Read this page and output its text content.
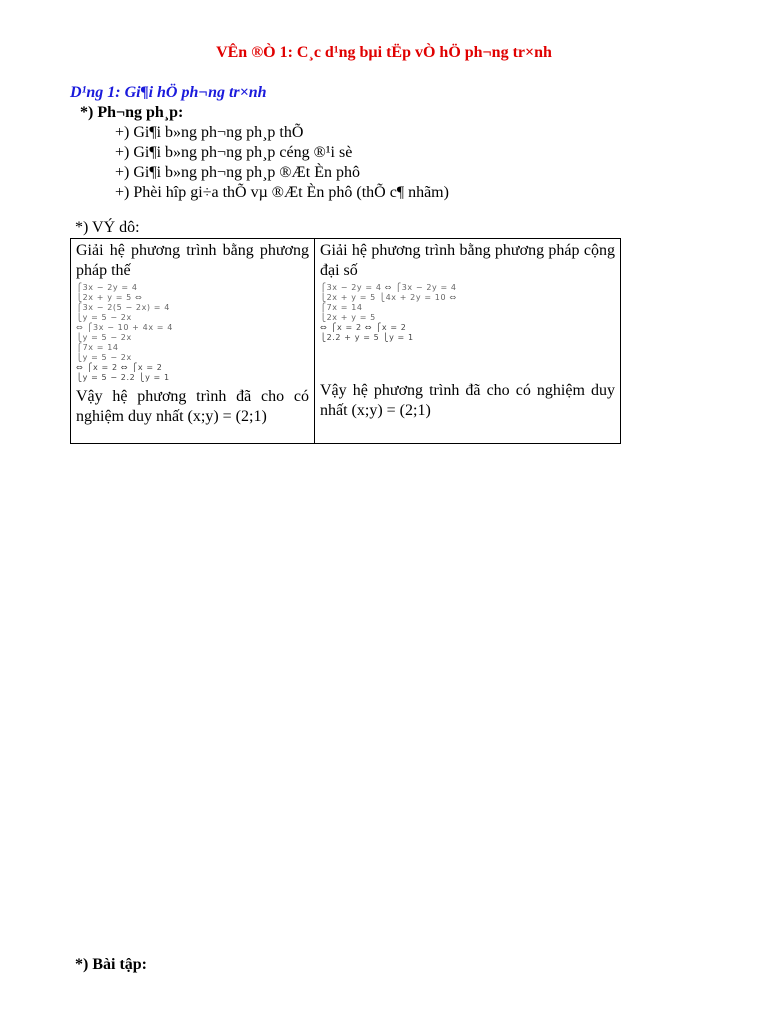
VÊn ®Ò 1: C¸c d¹ng bµi tËp vÒ hÖ ph¬ng tr×nh
D¹ng 1: Gi¶i hÖ ph¬ng tr×nh
*) Ph¬ng ph¸p:
+) Gi¶i b»ng ph¬ng ph¸p thÕ
+) Gi¶i b»ng ph¬ng ph¸p céng ®¹i sè
+) Gi¶i b»ng ph¬ng ph¸p ®Æt Èn phô
+) Phèi hîp gi÷a thÕ vµ ®Æt Èn phô (thÕ c¶ nhãm)
*) VÝ dô:
Giải hệ phương trình bằng phương pháp thế
⎧3x − 2y = 4
⎩2x + y = 5 ⇔
⎧3x − 2(5 − 2x) = 4
⎩y = 5 − 2x
⇔ ⎧3x − 10 + 4x = 4
⎩y = 5 − 2x
⎧7x = 14
⎩y = 5 − 2x
⇔ ⎧x = 2 ⇔ ⎧x = 2
⎩y = 5 − 2.2 ⎩y = 1
Vậy hệ phương trình đã cho có nghiệm duy nhất (x;y) = (2;1)

Giải hệ phương trình bằng phương pháp cộng đại số
⎧3x − 2y = 4 ⇔ ⎧3x − 2y = 4
⎩2x + y = 5 ⎩4x + 2y = 10 ⇔
⎧7x = 14
⎩2x + y = 5
⇔ ⎧x = 2 ⇔ ⎧x = 2
⎩2.2 + y = 5 ⎩y = 1
Vậy hệ phương trình đã cho có nghiệm duy nhất (x;y) = (2;1)
*) Bài tập:
